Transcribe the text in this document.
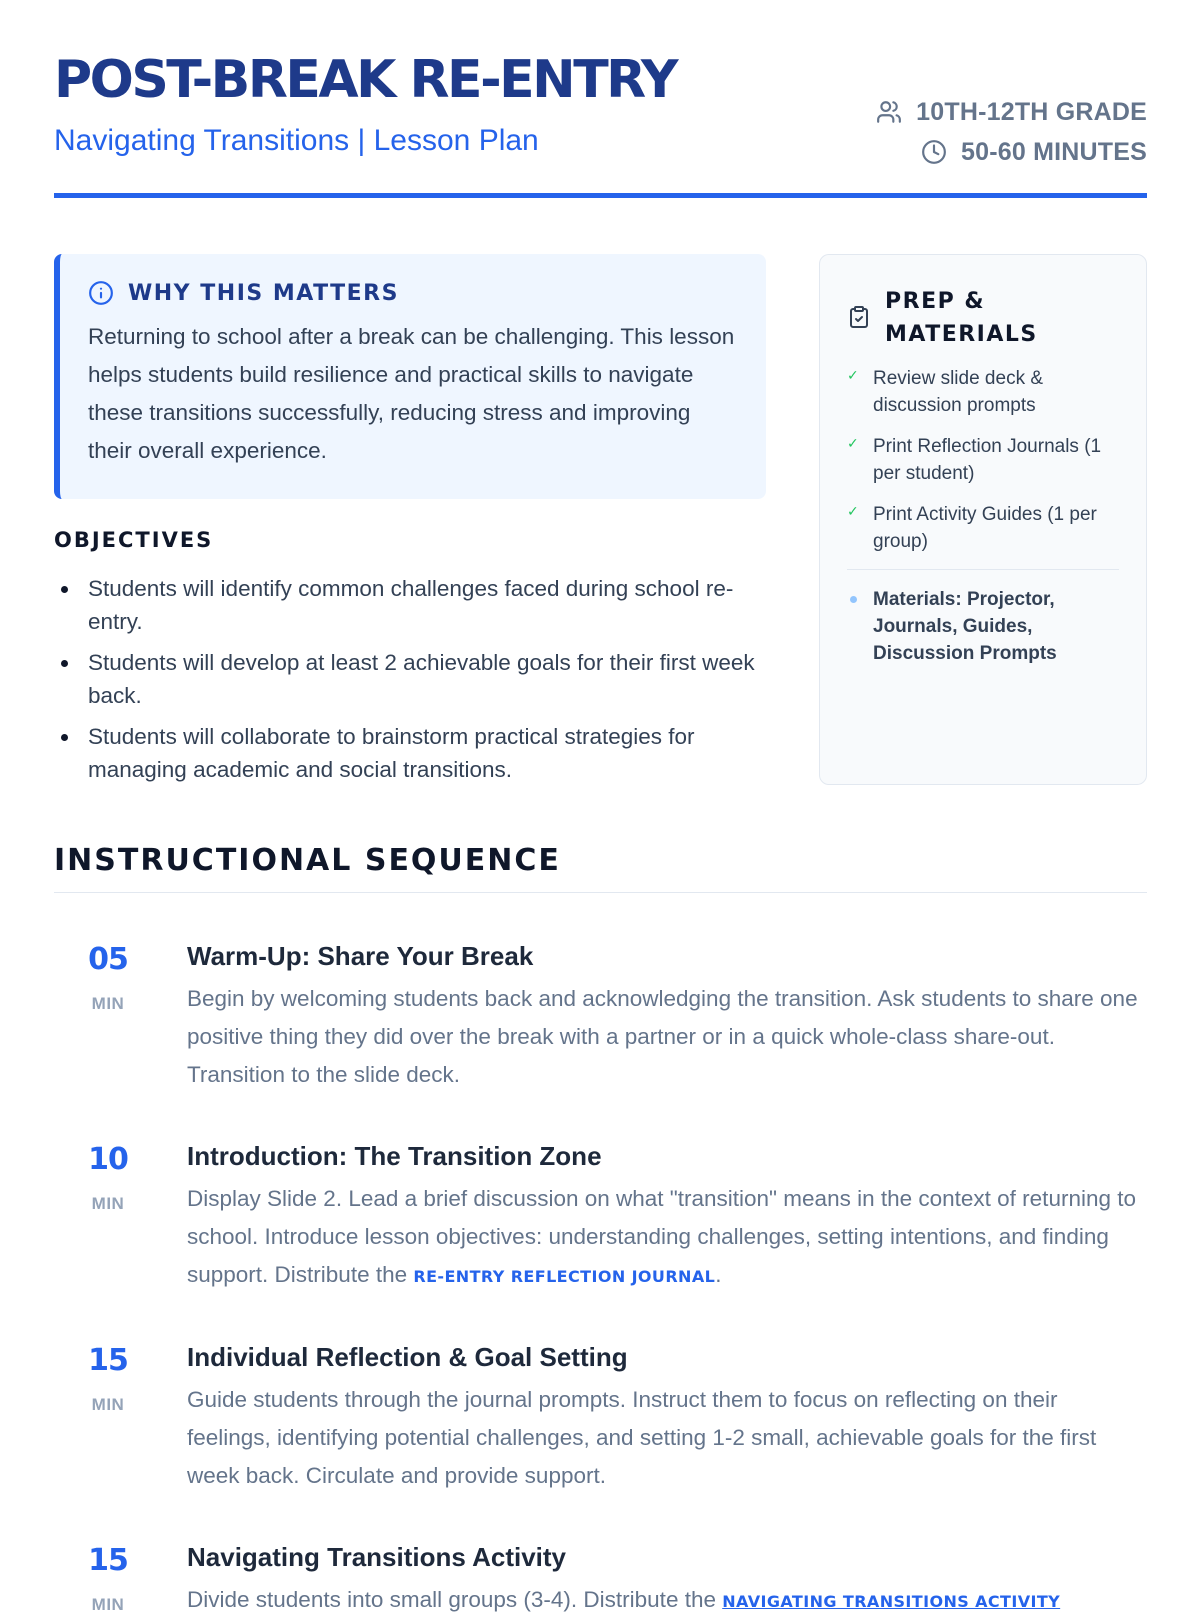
POST-BREAK RE-ENTRY
Navigating Transitions | Lesson Plan
10TH-12TH GRADE
50-60 MINUTES
WHY THIS MATTERS
Returning to school after a break can be challenging. This lesson helps students build resilience and practical skills to navigate these transitions successfully, reducing stress and improving their overall experience.
OBJECTIVES
Students will identify common challenges faced during school re-entry.
Students will develop at least 2 achievable goals for their first week back.
Students will collaborate to brainstorm practical strategies for managing academic and social transitions.
PREP & MATERIALS
✓ Review slide deck & discussion prompts
✓ Print Reflection Journals (1 per student)
✓ Print Activity Guides (1 per group)
Materials: Projector, Journals, Guides, Discussion Prompts
INSTRUCTIONAL SEQUENCE
05
MIN
Warm-Up: Share Your Break
Begin by welcoming students back and acknowledging the transition. Ask students to share one positive thing they did over the break with a partner or in a quick whole-class share-out. Transition to the slide deck.
10
MIN
Introduction: The Transition Zone
Display Slide 2. Lead a brief discussion on what "transition" means in the context of returning to school. Introduce lesson objectives: understanding challenges, setting intentions, and finding support. Distribute the RE-ENTRY REFLECTION JOURNAL.
15
MIN
Individual Reflection & Goal Setting
Guide students through the journal prompts. Instruct them to focus on reflecting on their feelings, identifying potential challenges, and setting 1-2 small, achievable goals for the first week back. Circulate and provide support.
15
MIN
Navigating Transitions Activity
Divide students into small groups (3-4). Distribute the NAVIGATING TRANSITIONS ACTIVITY
